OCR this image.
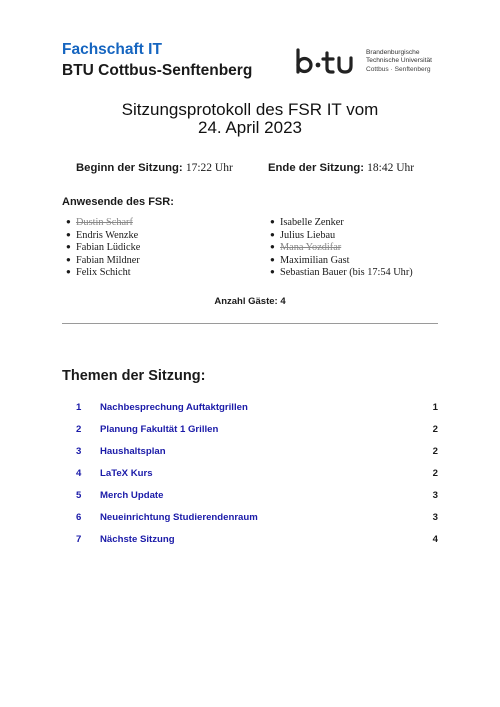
Fachschaft IT
BTU Cottbus-Senftenberg
Brandenburgische
Technische Universität
Cottbus · Senftenberg
Sitzungsprotokoll des FSR IT vom
24. April 2023
Beginn der Sitzung: 17:22 Uhr	Ende der Sitzung: 18:42 Uhr
Anwesende des FSR:
● Dustin Scharf
● Endris Wenzke
● Fabian Lüdicke
● Fabian Mildner
● Felix Schicht
● Isabelle Zenker
● Julius Liebau
● Mana Yozdifar
● Maximilian Gast
● Sebastian Bauer (bis 17:54 Uhr)
Anzahl Gäste: 4
Themen der Sitzung:
1 Nachbesprechung Auftaktgrillen	1
2 Planung Fakultät 1 Grillen	2
3 Haushaltsplan	2
4 LaTeX Kurs	2
5 Merch Update	3
6 Neueinrichtung Studierendenraum	3
7 Nächste Sitzung	4
